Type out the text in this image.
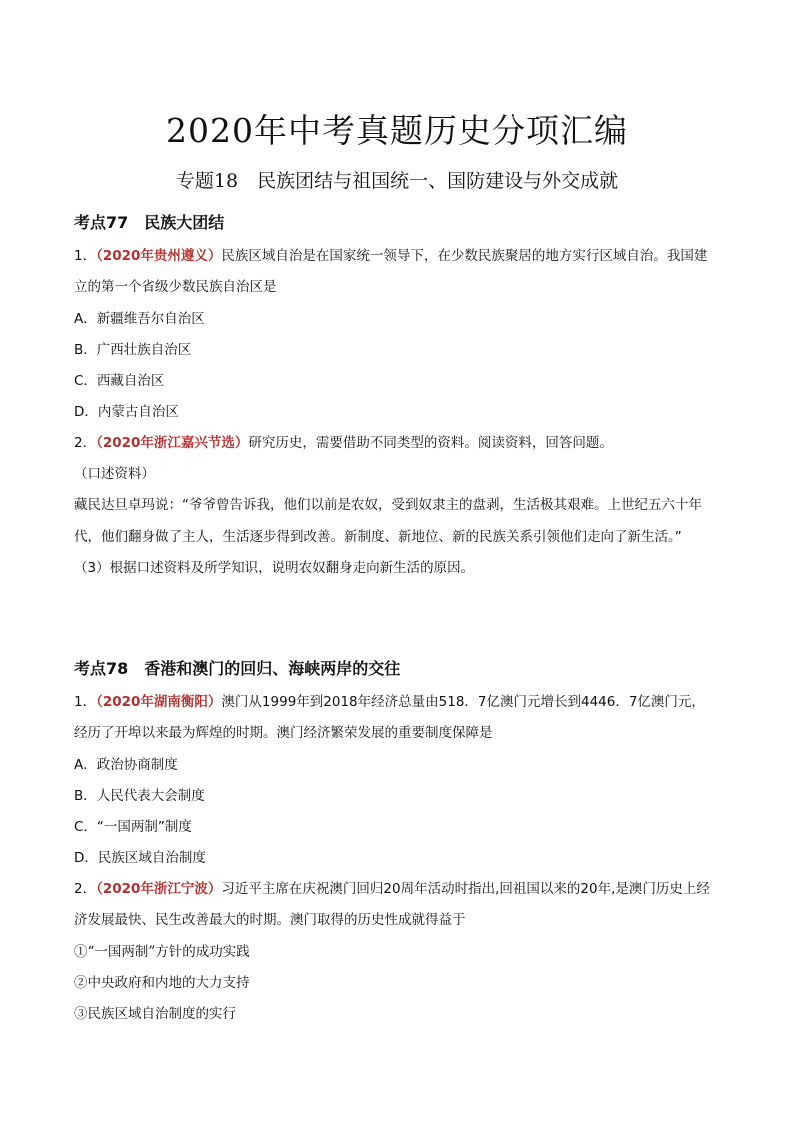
2020年中考真题历史分项汇编
专题18　民族团结与祖国统一、国防建设与外交成就
考点77　民族大团结
1．（2020年贵州遵义）民族区域自治是在国家统一领导下，在少数民族聚居的地方实行区域自治。我国建
立的第一个省级少数民族自治区是
A．新疆维吾尔自治区
B．广西壮族自治区
C．西藏自治区
D．内蒙古自治区
2．（2020年浙江嘉兴节选）研究历史，需要借助不同类型的资料。阅读资料，回答问题。
（口述资料）
藏民达旦卓玛说：“爷爷曾告诉我，他们以前是农奴，受到奴隶主的盘剥，生活极其艰难。上世纪五六十年
代，他们翻身做了主人，生活逐步得到改善。新制度、新地位、新的民族关系引领他们走向了新生活。”
（3）根据口述资料及所学知识，说明农奴翻身走向新生活的原因。
考点78　香港和澳门的回归、海峡两岸的交往
1．（2020年湖南衡阳）澳门从1999年到2018年经济总量由518．7亿澳门元增长到4446．7亿澳门元，
经历了开埠以来最为辉煌的时期。澳门经济繁荣发展的重要制度保障是
A．政治协商制度
B．人民代表大会制度
C．“一国两制”制度
D．民族区域自治制度
2．（2020年浙江宁波）习近平主席在庆祝澳门回归20周年活动时指出,回祖国以来的20年,是澳门历史上经
济发展最快、民生改善最大的时期。澳门取得的历史性成就得益于
①“一国两制”方针的成功实践
②中央政府和内地的大力支持
③民族区域自治制度的实行
